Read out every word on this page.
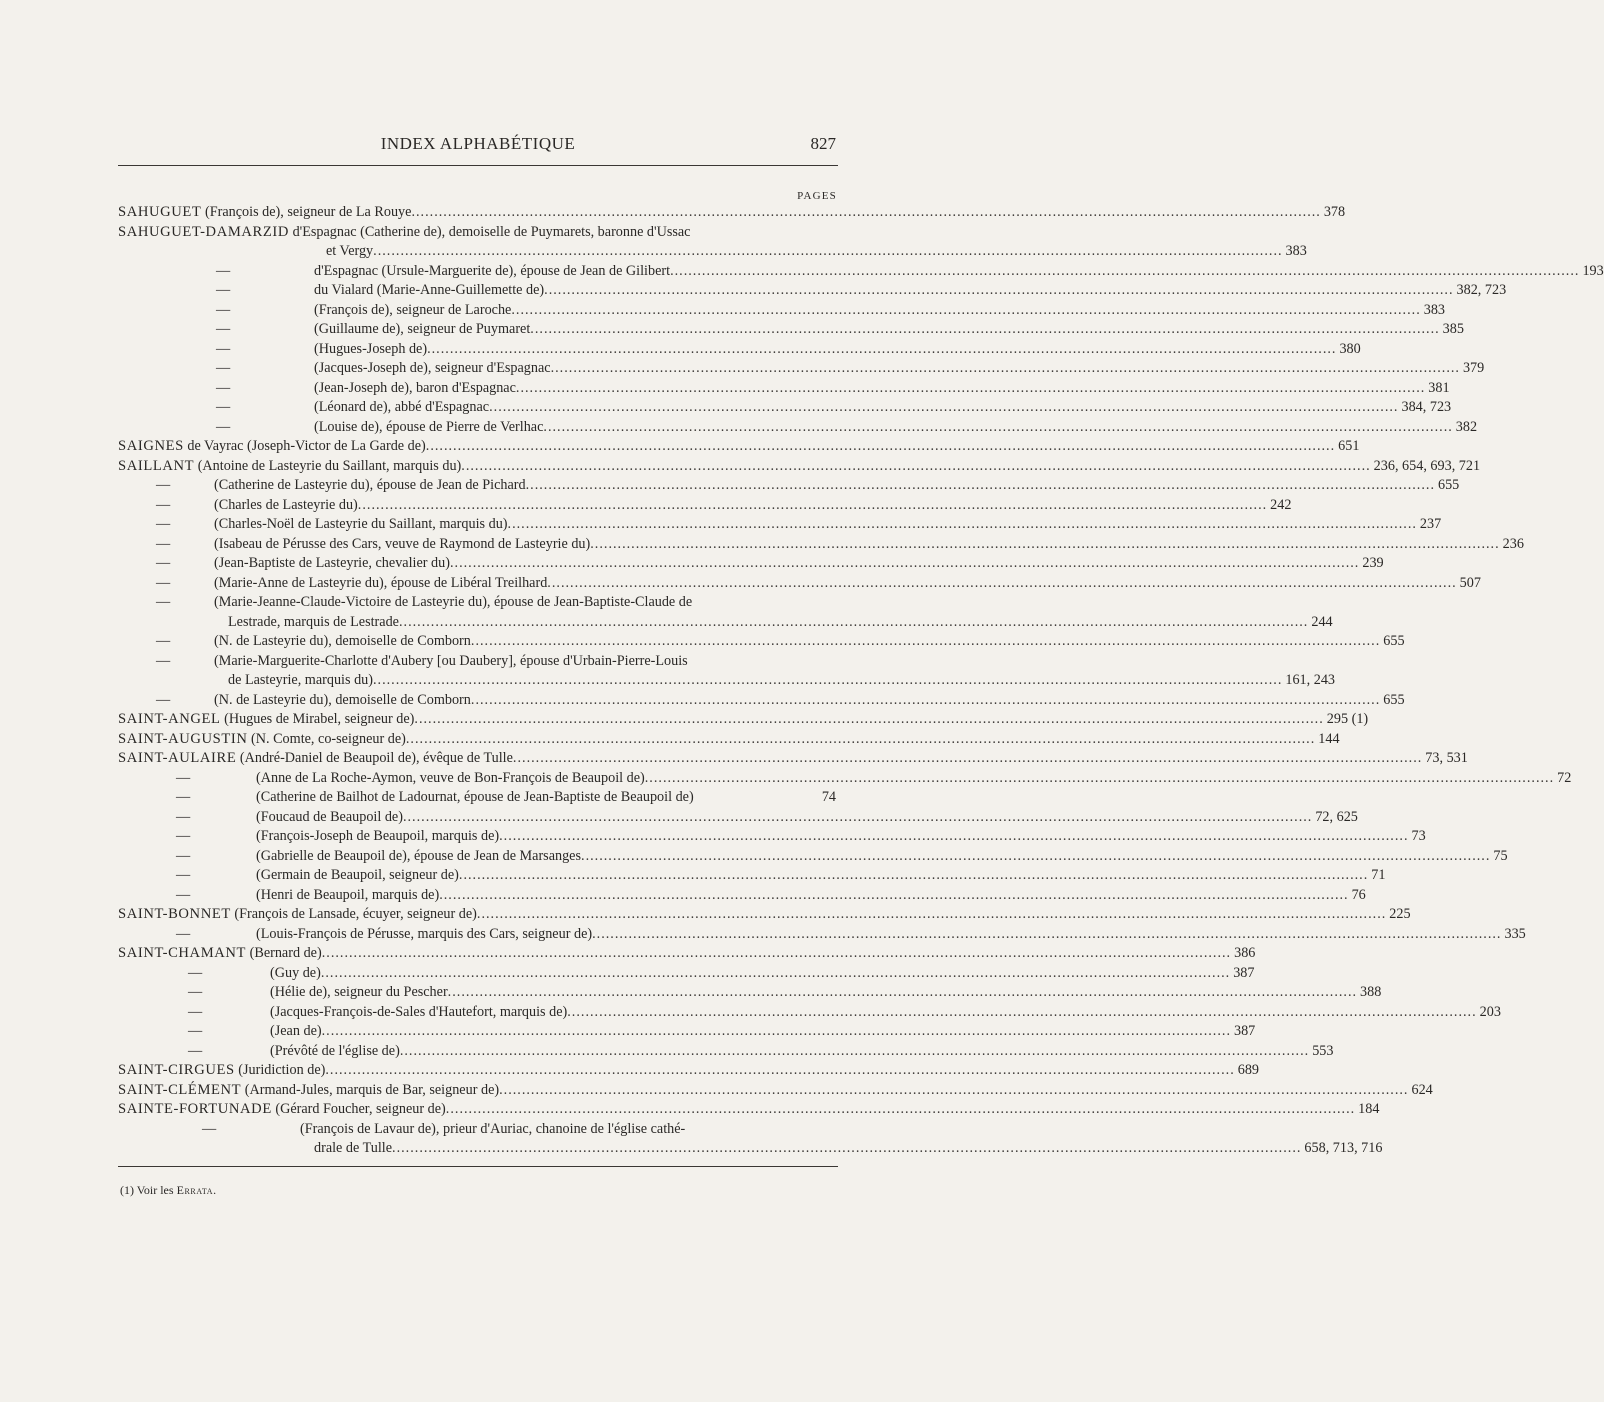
INDEX ALPHABÉTIQUE	827
PAGES
SAHUGUET (François de), seigneur de La Rouye........................................................................................................................................................................................................ 378
SAHUGUET-DAMARZID d'Espagnac (Catherine de), demoiselle de Puymarets, baronne d'Ussac
et Vergy........................................................................................................................................................................................................ 383
—	d'Espagnac (Ursule-Marguerite de), épouse de Jean de Gilibert........................................................................................................................................................................................................ 193
—	du Vialard (Marie-Anne-Guillemette de)........................................................................................................................................................................................................ 382, 723
—	(François de), seigneur de Laroche........................................................................................................................................................................................................ 383
—	(Guillaume de), seigneur de Puymaret........................................................................................................................................................................................................ 385
—	(Hugues-Joseph de)........................................................................................................................................................................................................ 380
—	(Jacques-Joseph de), seigneur d'Espagnac........................................................................................................................................................................................................ 379
—	(Jean-Joseph de), baron d'Espagnac........................................................................................................................................................................................................ 381
—	(Léonard de), abbé d'Espagnac........................................................................................................................................................................................................ 384, 723
—	(Louise de), épouse de Pierre de Verlhac........................................................................................................................................................................................................ 382
SAIGNES de Vayrac (Joseph-Victor de La Garde de)........................................................................................................................................................................................................ 651
SAILLANT (Antoine de Lasteyrie du Saillant, marquis du)........................................................................................................................................................................................................ 236, 654, 693, 721
—	(Catherine de Lasteyrie du), épouse de Jean de Pichard........................................................................................................................................................................................................ 655
—	(Charles de Lasteyrie du)........................................................................................................................................................................................................ 242
—	(Charles-Noël de Lasteyrie du Saillant, marquis du)........................................................................................................................................................................................................ 237
—	(Isabeau de Pérusse des Cars, veuve de Raymond de Lasteyrie du)........................................................................................................................................................................................................ 236
—	(Jean-Baptiste de Lasteyrie, chevalier du)........................................................................................................................................................................................................ 239
—	(Marie-Anne de Lasteyrie du), épouse de Libéral Treilhard........................................................................................................................................................................................................ 507
—	(Marie-Jeanne-Claude-Victoire de Lasteyrie du), épouse de Jean-Baptiste-Claude de
Lestrade, marquis de Lestrade........................................................................................................................................................................................................ 244
—	(N. de Lasteyrie du), demoiselle de Comborn........................................................................................................................................................................................................ 655
—	(Marie-Marguerite-Charlotte d'Aubery [ou Daubery], épouse d'Urbain-Pierre-Louis
de Lasteyrie, marquis du)........................................................................................................................................................................................................ 161, 243
—	(N. de Lasteyrie du), demoiselle de Comborn........................................................................................................................................................................................................ 655
SAINT-ANGEL (Hugues de Mirabel, seigneur de)........................................................................................................................................................................................................ 295 (1)
SAINT-AUGUSTIN (N. Comte, co-seigneur de)........................................................................................................................................................................................................ 144
SAINT-AULAIRE (André-Daniel de Beaupoil de), évêque de Tulle........................................................................................................................................................................................................ 73, 531
—	(Anne de La Roche-Aymon, veuve de Bon-François de Beaupoil de)........................................................................................................................................................................................................ 72
—	(Catherine de Bailhot de Ladournat, épouse de Jean-Baptiste de Beaupoil de)	74
—	(Foucaud de Beaupoil de)........................................................................................................................................................................................................ 72, 625
—	(François-Joseph de Beaupoil, marquis de)........................................................................................................................................................................................................ 73
—	(Gabrielle de Beaupoil de), épouse de Jean de Marsanges........................................................................................................................................................................................................ 75
—	(Germain de Beaupoil, seigneur de)........................................................................................................................................................................................................ 71
—	(Henri de Beaupoil, marquis de)........................................................................................................................................................................................................ 76
SAINT-BONNET (François de Lansade, écuyer, seigneur de)........................................................................................................................................................................................................ 225
—	(Louis-François de Pérusse, marquis des Cars, seigneur de)........................................................................................................................................................................................................ 335
SAINT-CHAMANT (Bernard de)........................................................................................................................................................................................................ 386
—	(Guy de)........................................................................................................................................................................................................ 387
—	(Hélie de), seigneur du Pescher........................................................................................................................................................................................................ 388
—	(Jacques-François-de-Sales d'Hautefort, marquis de)........................................................................................................................................................................................................ 203
—	(Jean de)........................................................................................................................................................................................................ 387
—	(Prévôté de l'église de)........................................................................................................................................................................................................ 553
SAINT-CIRGUES (Juridiction de)........................................................................................................................................................................................................ 689
SAINT-CLÉMENT (Armand-Jules, marquis de Bar, seigneur de)........................................................................................................................................................................................................ 624
SAINTE-FORTUNADE (Gérard Foucher, seigneur de)........................................................................................................................................................................................................ 184
—	(François de Lavaur de), prieur d'Auriac, chanoine de l'église cathé-
drale de Tulle........................................................................................................................................................................................................ 658, 713, 716
(1) Voir les Errata.
